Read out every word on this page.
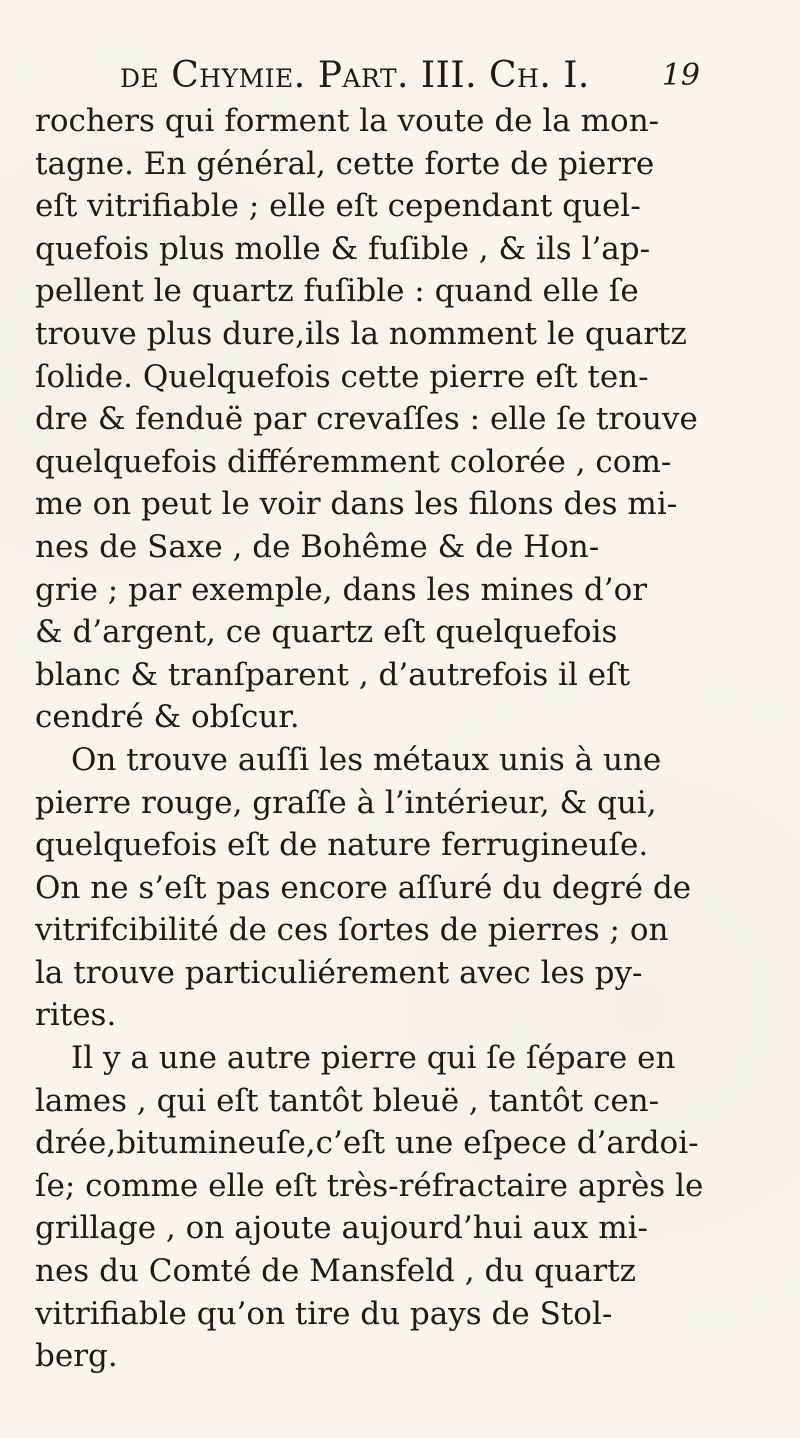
de Chymie. Part. III. Ch. I. 19
rochers qui forment la voute de la mon-
tagne. En général, cette forte de pierre
eſt vitrifiable ; elle eſt cependant quel-
quefois plus molle & fuſible , & ils l’ap-
pellent le quartz fuſible : quand elle ſe
trouve plus dure,ils la nomment le quartz
ſolide. Quelquefois cette pierre eſt ten-
dre & fenduë par crevaſſes : elle ſe trouve
quelquefois différemment colorée , com-
me on peut le voir dans les filons des mi-
nes de Saxe , de Bohême & de Hon-
grie ; par exemple, dans les mines d’or
& d’argent, ce quartz eſt quelquefois
blanc & tranſparent , d’autrefois il eſt
cendré & obſcur.
On trouve auſſi les métaux unis à une
pierre rouge, graſſe à l’intérieur, & qui,
quelquefois eſt de nature ferrugineuſe.
On ne s’eſt pas encore aſſuré du degré de
vitrifcibilité de ces ſortes de pierres ; on
la trouve particuliérement avec les py-
rites.
Il y a une autre pierre qui ſe ſépare en
lames , qui eſt tantôt bleuë , tantôt cen-
drée,bitumineuſe,c’eſt une eſpece d’ardoi-
ſe; comme elle eſt très-réfractaire après le
grillage , on ajoute aujourd’hui aux mi-
nes du Comté de Mansfeld , du quartz
vitrifiable qu’on tire du pays de Stol-
berg.
